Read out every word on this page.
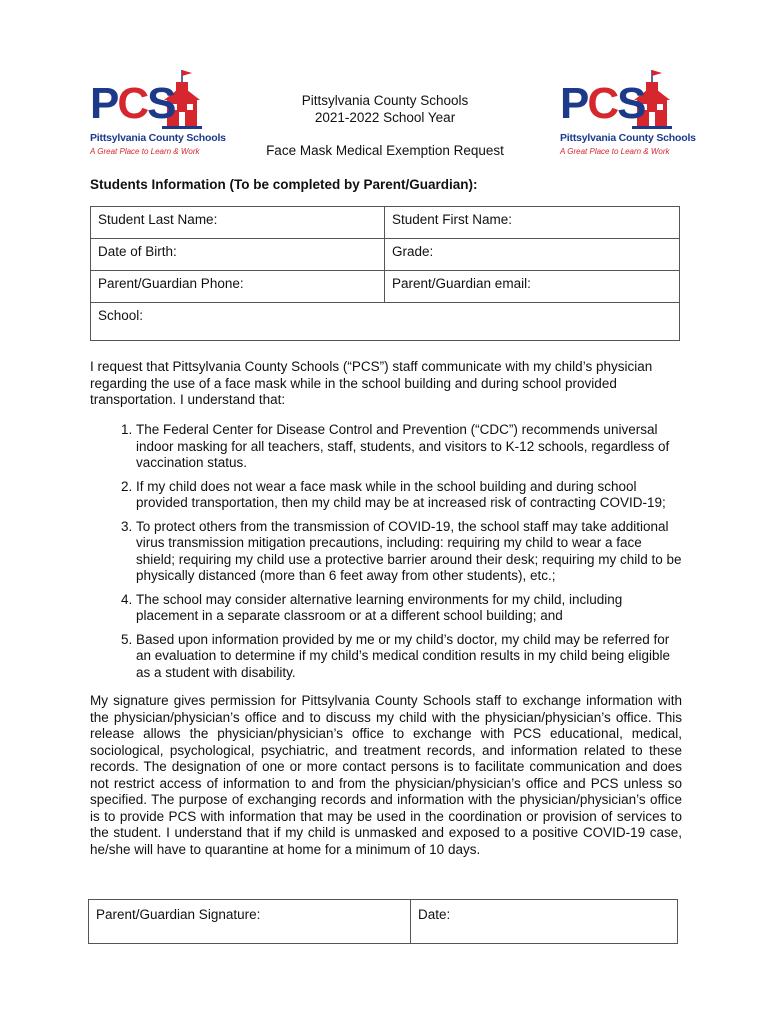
PCS
Pittsylvania County Schools
A Great Place to Learn & Work
PCS
Pittsylvania County Schools
A Great Place to Learn & Work
Pittsylvania County Schools
2021-2022 School Year
Face Mask Medical Exemption Request
Students Information (To be completed by Parent/Guardian):
Student Last Name:	Student First Name:
Date of Birth:	Grade:
Parent/Guardian Phone:	Parent/Guardian email:
School:	
I request that Pittsylvania County Schools (“PCS”) staff communicate with my child’s physician regarding the use of a face mask while in the school building and during school provided transportation. I understand that:
1. The Federal Center for Disease Control and Prevention (“CDC”) recommends universal indoor masking for all teachers, staff, students, and visitors to K-12 schools, regardless of vaccination status.
2. If my child does not wear a face mask while in the school building and during school provided transportation, then my child may be at increased risk of contracting COVID-19;
3. To protect others from the transmission of COVID-19, the school staff may take additional virus transmission mitigation precautions, including: requiring my child to wear a face shield; requiring my child use a protective barrier around their desk; requiring my child to be physically distanced (more than 6 feet away from other students), etc.;
4. The school may consider alternative learning environments for my child, including placement in a separate classroom or at a different school building; and
5. Based upon information provided by me or my child’s doctor, my child may be referred for an evaluation to determine if my child’s medical condition results in my child being eligible as a student with disability.
My signature gives permission for Pittsylvania County Schools staff to exchange information with the physician/physician’s office and to discuss my child with the physician/physician’s office. This release allows the physician/physician’s office to exchange with PCS educational, medical, sociological, psychological, psychiatric, and treatment records, and information related to these records. The designation of one or more contact persons is to facilitate communication and does not restrict access of information to and from the physician/physician’s office and PCS unless so specified. The purpose of exchanging records and information with the physician/physician’s office is to provide PCS with information that may be used in the coordination or provision of services to the student. I understand that if my child is unmasked and exposed to a positive COVID-19 case, he/she will have to quarantine at home for a minimum of 10 days.
Parent/Guardian Signature:	Date:
